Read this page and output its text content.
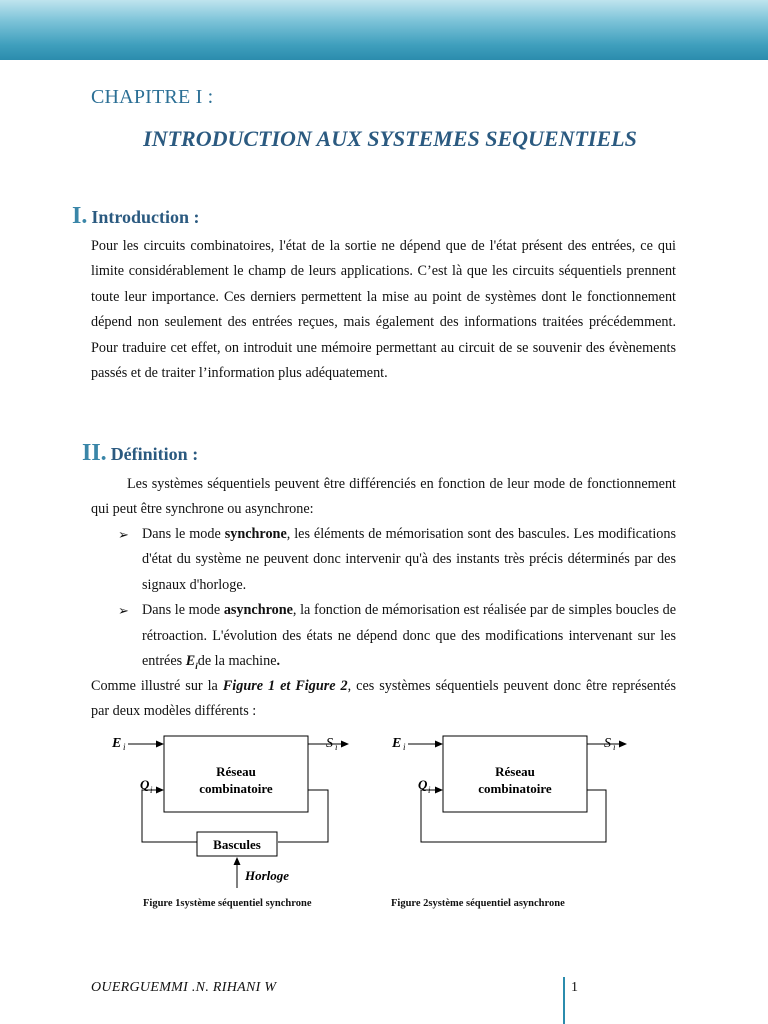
CHAPITRE I :
INTRODUCTION AUX SYSTEMES SEQUENTIELS
I. Introduction :

Pour les circuits combinatoires, l'état de la sortie ne dépend que de l'état présent des entrées, ce qui limite considérablement le champ de leurs applications. C’est là que les circuits séquentiels prennent toute leur importance. Ces derniers permettent la mise au point de systèmes dont le fonctionnement dépend non seulement des entrées reçues, mais également des informations traitées précédemment. Pour traduire cet effet, on introduit une mémoire permettant au circuit de se souvenir des évènements passés et de traiter l’information plus adéquatement.

II. Définition :

Les systèmes séquentiels peuvent être différenciés en fonction de leur mode de fonctionnement qui peut être synchrone ou asynchrone:

➢ Dans le mode synchrone, les éléments de mémorisation sont des bascules. Les modifications d'état du système ne peuvent donc intervenir qu'à des instants très précis déterminés par des signaux d'horloge.
➢ Dans le mode asynchrone, la fonction de mémorisation est réalisée par de simples boucles de rétroaction. L'évolution des états ne dépend donc que des modifications intervenant sur les entrées $E_ide$ la machine.

Comme illustré sur la Figure 1 et Figure 2, ces systèmes séquentiels peuvent donc être représentés par deux modèles différents :

Réseau
combinatoire
E i	S i
Bascules
Q i
Horloge
Figure 1système séquentiel synchrone
Réseau
combinatoire
E i	S i
Q i
Figure 2système séquentiel asynchrone
OUERGUEMMI .N. RIHANI W	1
